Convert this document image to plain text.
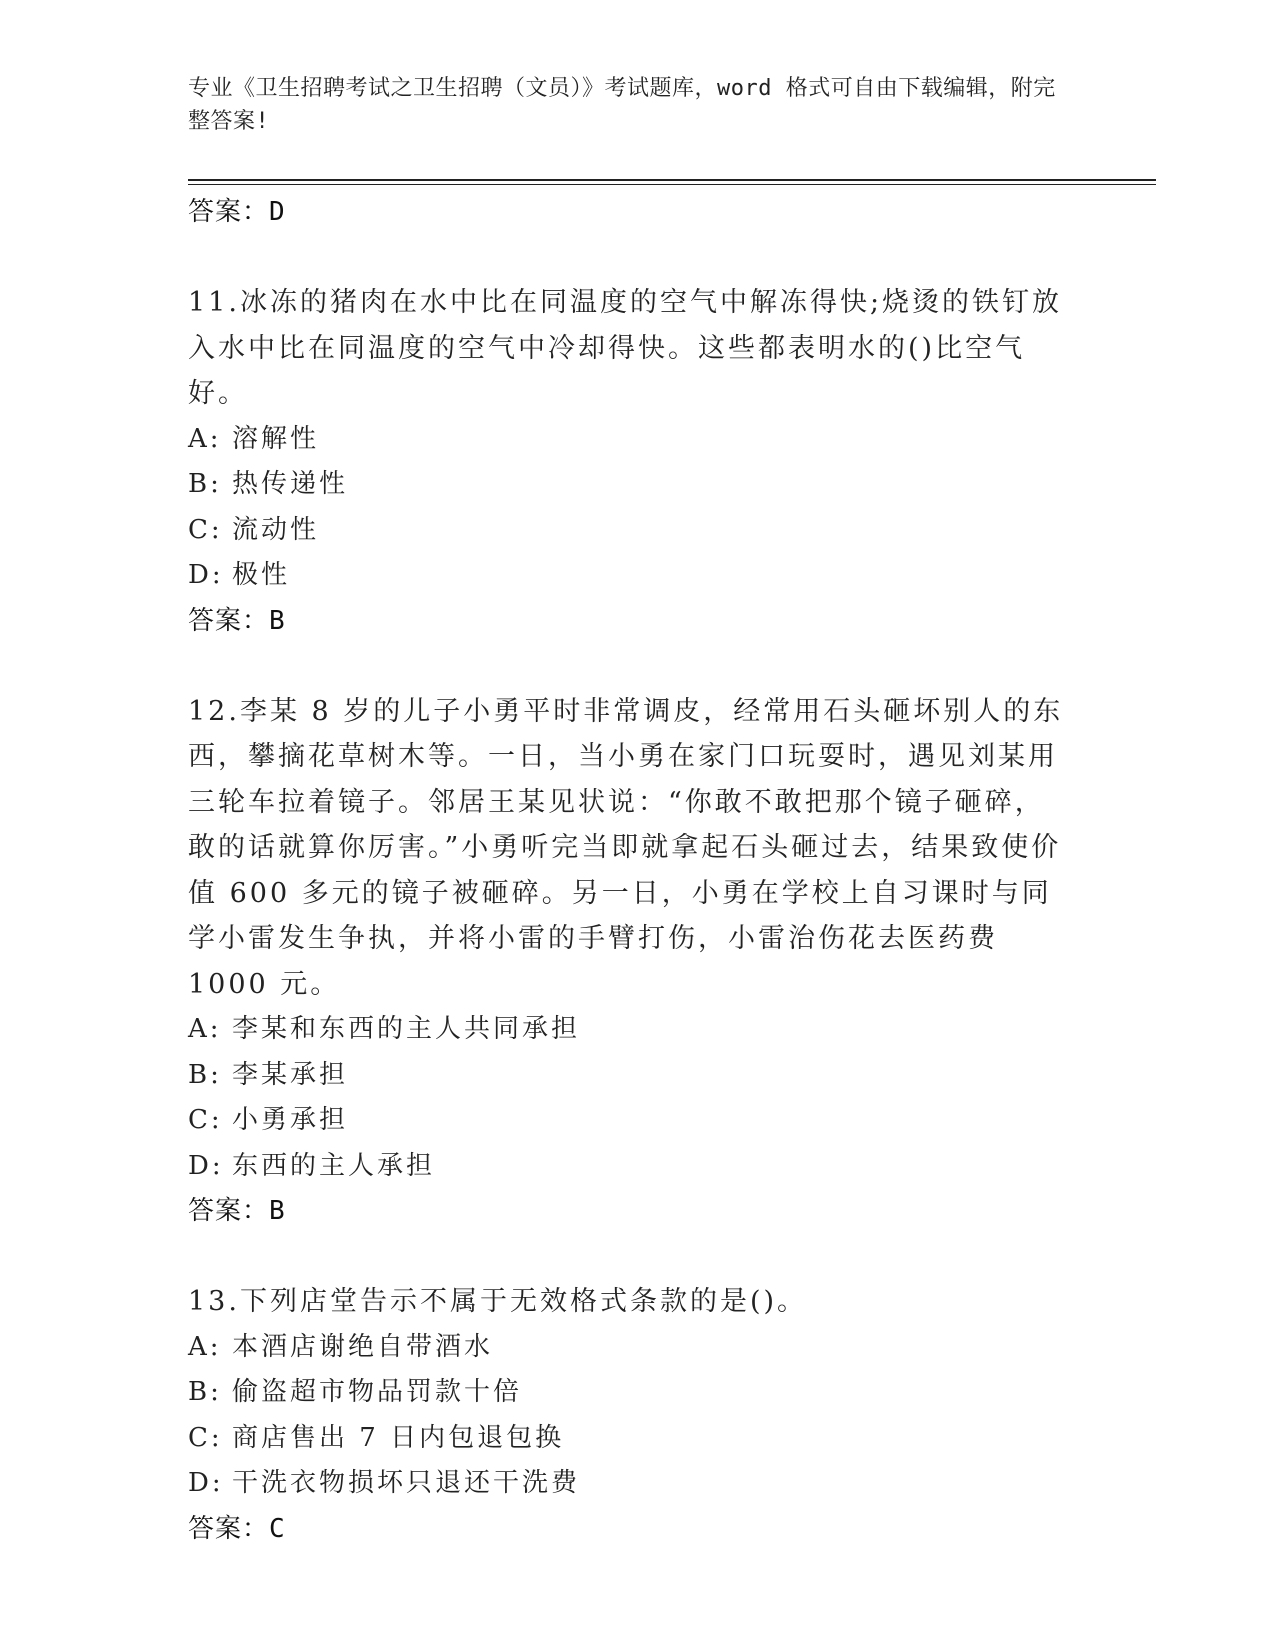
专业《卫生招聘考试之卫生招聘（文员）》考试题库，word 格式可自由下载编辑，附完整答案!
答案：D
11.冰冻的猪肉在水中比在同温度的空气中解冻得快;烧烫的铁钉放入水中比在同温度的空气中冷却得快。这些都表明水的()比空气好。
A: 溶解性
B: 热传递性
C: 流动性
D: 极性
答案：B
12.李某 8 岁的儿子小勇平时非常调皮，经常用石头砸坏别人的东西，攀摘花草树木等。一日，当小勇在家门口玩耍时，遇见刘某用三轮车拉着镜子。邻居王某见状说：“你敢不敢把那个镜子砸碎，敢的话就算你厉害。”小勇听完当即就拿起石头砸过去，结果致使价值 600 多元的镜子被砸碎。另一日，小勇在学校上自习课时与同学小雷发生争执，并将小雷的手臂打伤，小雷治伤花去医药费 1000 元。
A: 李某和东西的主人共同承担
B: 李某承担
C: 小勇承担
D: 东西的主人承担
答案：B
13.下列店堂告示不属于无效格式条款的是()。
A: 本酒店谢绝自带酒水
B: 偷盗超市物品罚款十倍
C: 商店售出 7 日内包退包换
D: 干洗衣物损坏只退还干洗费
答案：C
